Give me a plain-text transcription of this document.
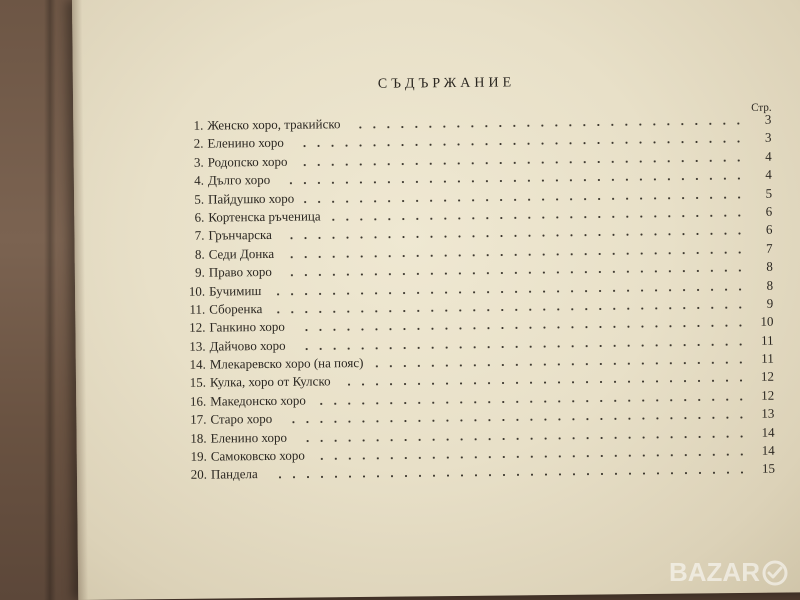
СЪДЪРЖАНИЕ
Стр.
1. Женско хоро, тракийско	3
2. Еленино хоро	3
3. Родопско хоро	4
4. Дълго хоро	4
5. Пайдушко хоро	5
6. Кортенска ръченица	6
7. Грънчарска	6
8. Седи Донка	7
9. Право хоро	8
10. Бучимиш	8
11. Сборенка	9
12. Ганкино хоро	10
13. Дайчово хоро	11
14. Млекаревско хоро (на пояс)	11
15. Кулка, хоро от Кулско	12
16. Македонско хоро	12
17. Старо хоро	13
18. Еленино хоро	14
19. Самоковско хоро	14
20. Пандела	15
BAZAR
